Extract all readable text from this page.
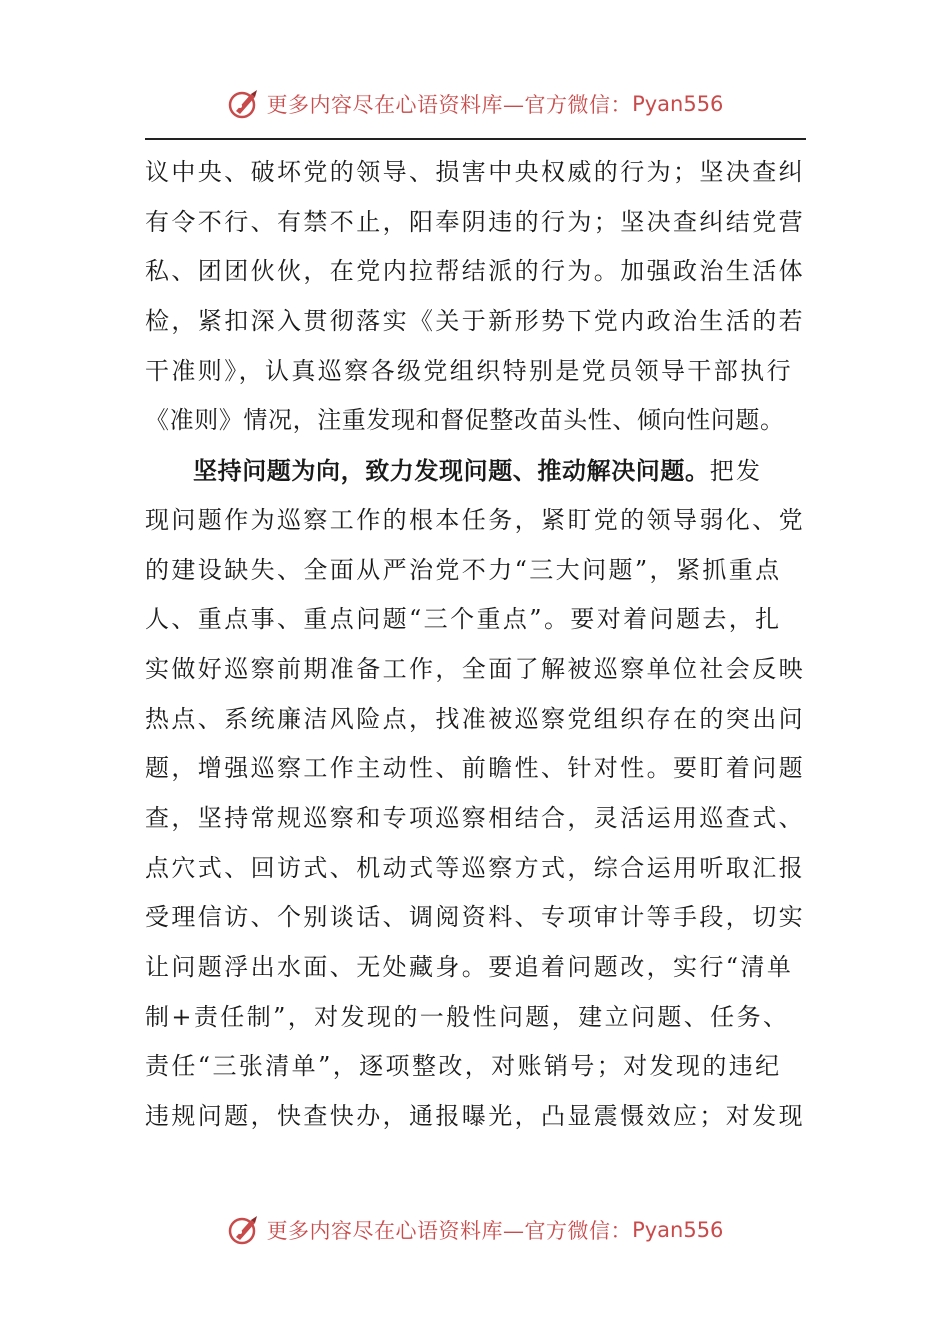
更多内容尽在心语资料库—官方微信： Pyan556
议中央、破坏党的领导、损害中央权威的行为；坚决查纠
有令不行、有禁不止，阳奉阴违的行为；坚决查纠结党营
私、团团伙伙，在党内拉帮结派的行为。加强政治生活体
检，紧扣深入贯彻落实《关于新形势下党内政治生活的若
干准则》，认真巡察各级党组织特别是党员领导干部执行
《准则》情况，注重发现和督促整改苗头性、倾向性问题。
坚持问题为向，致力发现问题、推动解决问题。把发
现问题作为巡察工作的根本任务，紧盯党的领导弱化、党
的建设缺失、全面从严治党不力“三大问题”，紧抓重点
人、重点事、重点问题“三个重点”。要对着问题去，扎
实做好巡察前期准备工作，全面了解被巡察单位社会反映
热点、系统廉洁风险点，找准被巡察党组织存在的突出问
题，增强巡察工作主动性、前瞻性、针对性。要盯着问题
查，坚持常规巡察和专项巡察相结合，灵活运用巡查式、
点穴式、回访式、机动式等巡察方式，综合运用听取汇报
受理信访、个别谈话、调阅资料、专项审计等手段，切实
让问题浮出水面、无处藏身。要追着问题改，实行“清单
制+责任制”，对发现的一般性问题，建立问题、任务、
责任“三张清单”，逐项整改，对账销号；对发现的违纪
违规问题，快查快办，通报曝光，凸显震慑效应；对发现
更多内容尽在心语资料库—官方微信： Pyan556
